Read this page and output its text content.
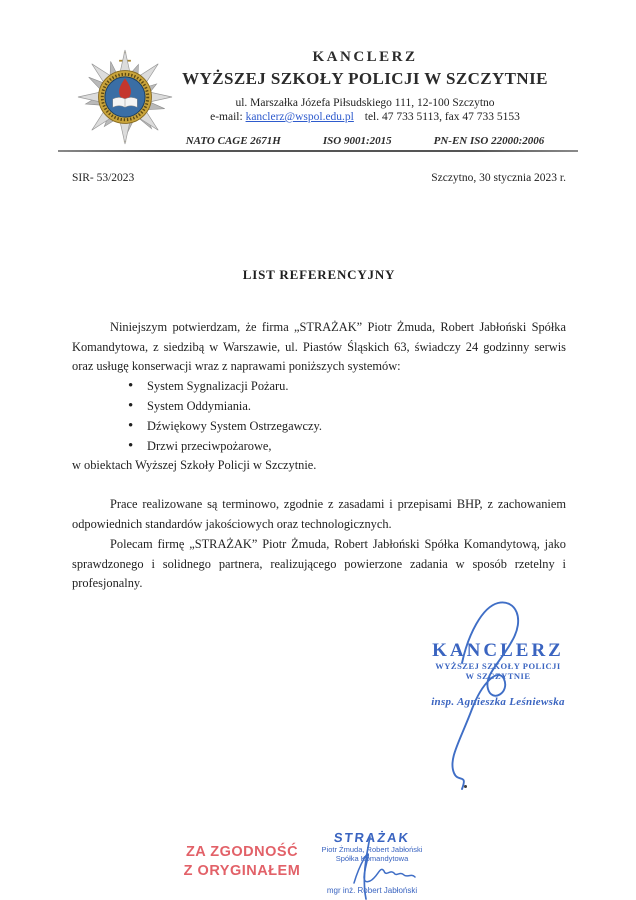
KANCLERZ
WYŻSZEJ SZKOŁY POLICJI W SZCZYTNIE
ul. Marszałka Józefa Piłsudskiego 111, 12-100 Szczytno
e-mail: kanclerz@wspol.edu.pl tel. 47 733 5113, fax 47 733 5153
NATO CAGE 2671H	ISO 9001:2015	PN-EN ISO 22000:2006
SIR- 53/2023	Szczytno, 30 stycznia 2023 r.
LIST REFERENCYJNY

Niniejszym potwierdzam, że firma „STRAŻAK” Piotr Żmuda, Robert Jabłoński Spółka Komandytowa, z siedzibą w Warszawie, ul. Piastów Śląskich 63, świadczy 24 godzinny serwis oraz usługę konserwacji wraz z naprawami poniższych systemów:

• System Sygnalizacji Pożaru.
• System Oddymiania.
• Dźwiękowy System Ostrzegawczy.
• Drzwi przeciwpożarowe,
w obiektach Wyższej Szkoły Policji w Szczytnie.

Prace realizowane są terminowo, zgodnie z zasadami i przepisami BHP, z zachowaniem odpowiednich standardów jakościowych oraz technologicznych.

Polecam firmę „STRAŻAK” Piotr Żmuda, Robert Jabłoński Spółka Komandytową, jako sprawdzonego i solidnego partnera, realizującego powierzone zadania w sposób rzetelny i profesjonalny.

KANCLERZ
WYŻSZEJ SZKOŁY POLICJI
W SZCZYTNIE
insp. Agnieszka Leśniewska
ZA ZGODNOŚĆ
Z ORYGINAŁEM
STRAŻAK
Piotr Żmuda, Robert Jabłoński
Spółka Komandytowa
mgr inż. Robert Jabłoński
